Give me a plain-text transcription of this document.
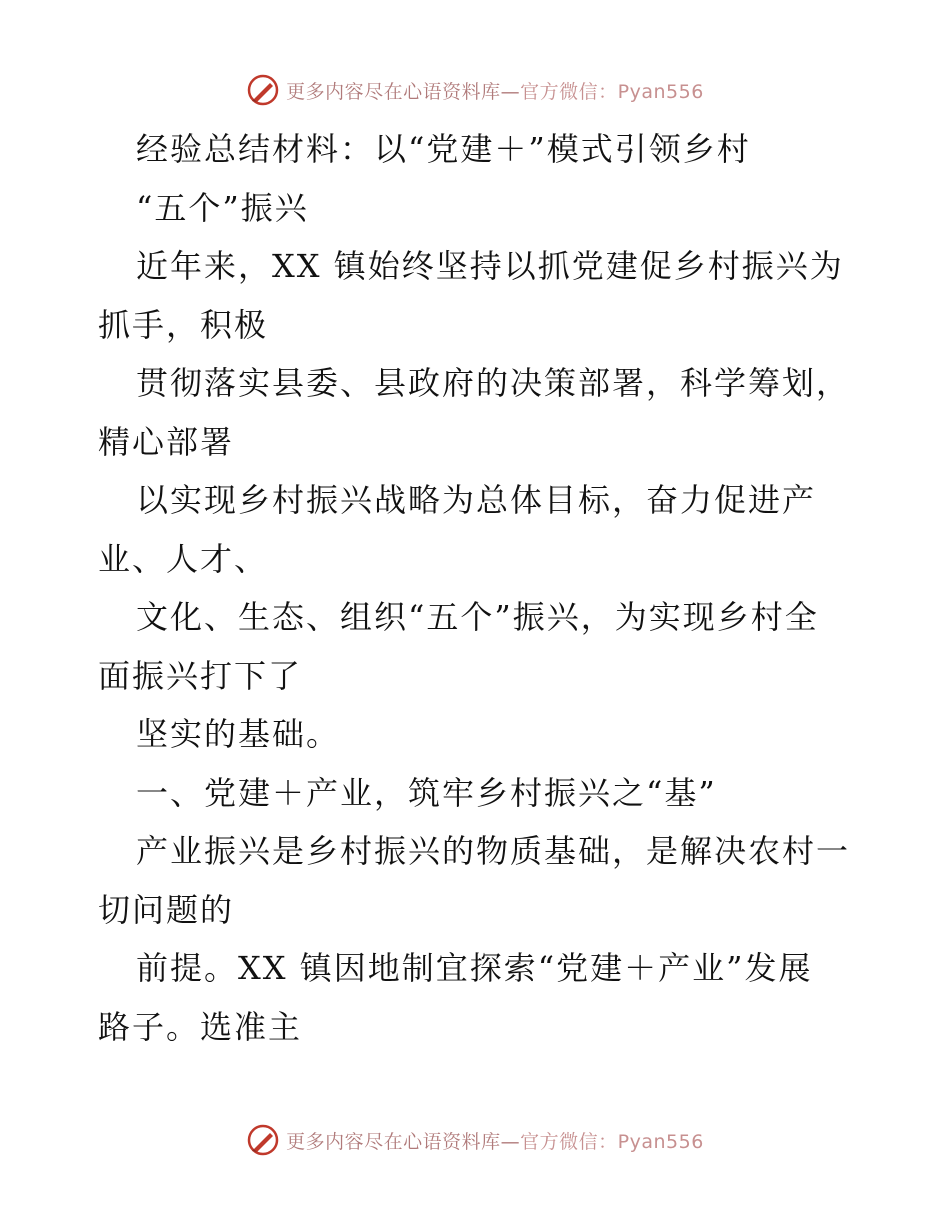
更多内容尽在心语资料库—官方微信：Pyan556
经验总结材料：以“党建＋”模式引领乡村
“五个”振兴
近年来，XX 镇始终坚持以抓党建促乡村振兴为
抓手，积极
贯彻落实县委、县政府的决策部署，科学筹划，
精心部署
以实现乡村振兴战略为总体目标，奋力促进产
业、人才、
文化、生态、组织“五个”振兴，为实现乡村全
面振兴打下了
坚实的基础。
一、党建＋产业，筑牢乡村振兴之“基”
产业振兴是乡村振兴的物质基础，是解决农村一
切问题的
前提。XX 镇因地制宜探索“党建＋产业”发展
路子。选准主
更多内容尽在心语资料库—官方微信：Pyan556
